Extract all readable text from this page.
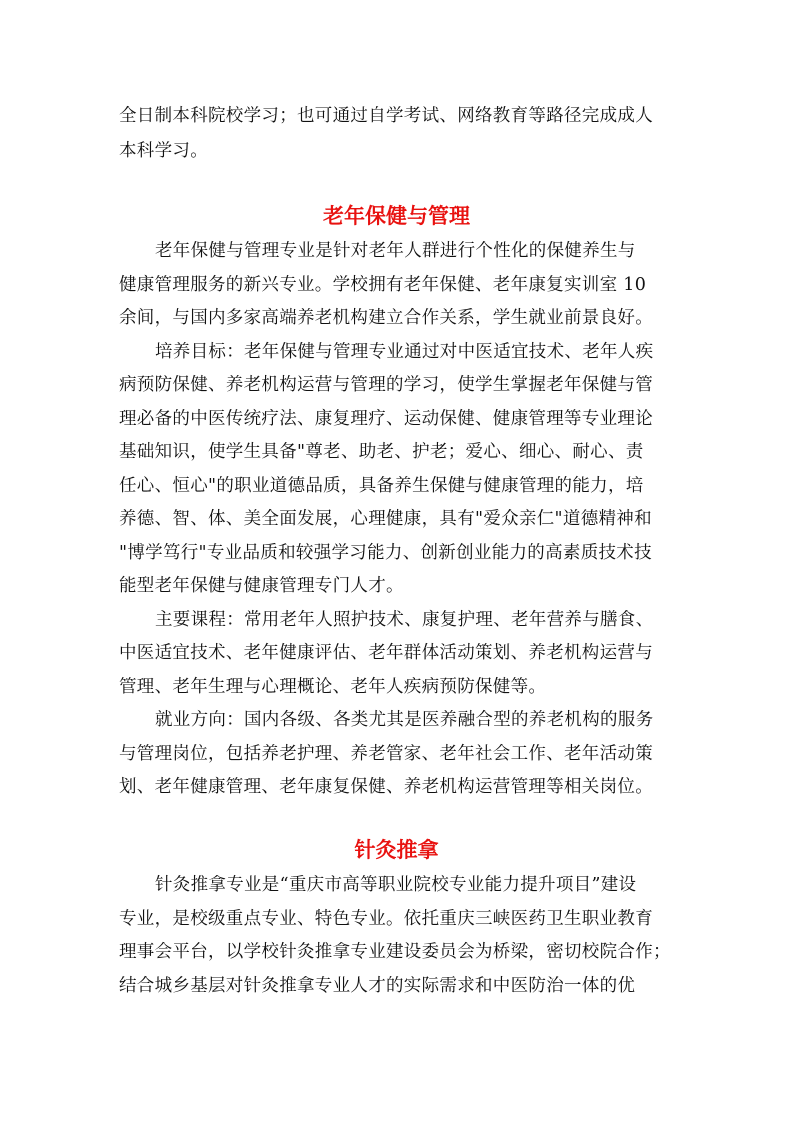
全日制本科院校学习；也可通过自学考试、网络教育等路径完成成人
本科学习。
老年保健与管理
老年保健与管理专业是针对老年人群进行个性化的保健养生与
健康管理服务的新兴专业。学校拥有老年保健、老年康复实训室 10
余间，与国内多家高端养老机构建立合作关系，学生就业前景良好。
培养目标：老年保健与管理专业通过对中医适宜技术、老年人疾
病预防保健、养老机构运营与管理的学习，使学生掌握老年保健与管
理必备的中医传统疗法、康复理疗、运动保健、健康管理等专业理论
基础知识，使学生具备"尊老、助老、护老；爱心、细心、耐心、责
任心、恒心"的职业道德品质，具备养生保健与健康管理的能力，培
养德、智、体、美全面发展，心理健康，具有"爱众亲仁"道德精神和
"博学笃行"专业品质和较强学习能力、创新创业能力的高素质技术技
能型老年保健与健康管理专门人才。
主要课程：常用老年人照护技术、康复护理、老年营养与膳食、
中医适宜技术、老年健康评估、老年群体活动策划、养老机构运营与
管理、老年生理与心理概论、老年人疾病预防保健等。
就业方向：国内各级、各类尤其是医养融合型的养老机构的服务
与管理岗位，包括养老护理、养老管家、老年社会工作、老年活动策
划、老年健康管理、老年康复保健、养老机构运营管理等相关岗位。
针灸推拿
针灸推拿专业是“重庆市高等职业院校专业能力提升项目”建设
专业，是校级重点专业、特色专业。依托重庆三峡医药卫生职业教育
理事会平台，以学校针灸推拿专业建设委员会为桥梁，密切校院合作；
结合城乡基层对针灸推拿专业人才的实际需求和中医防治一体的优
